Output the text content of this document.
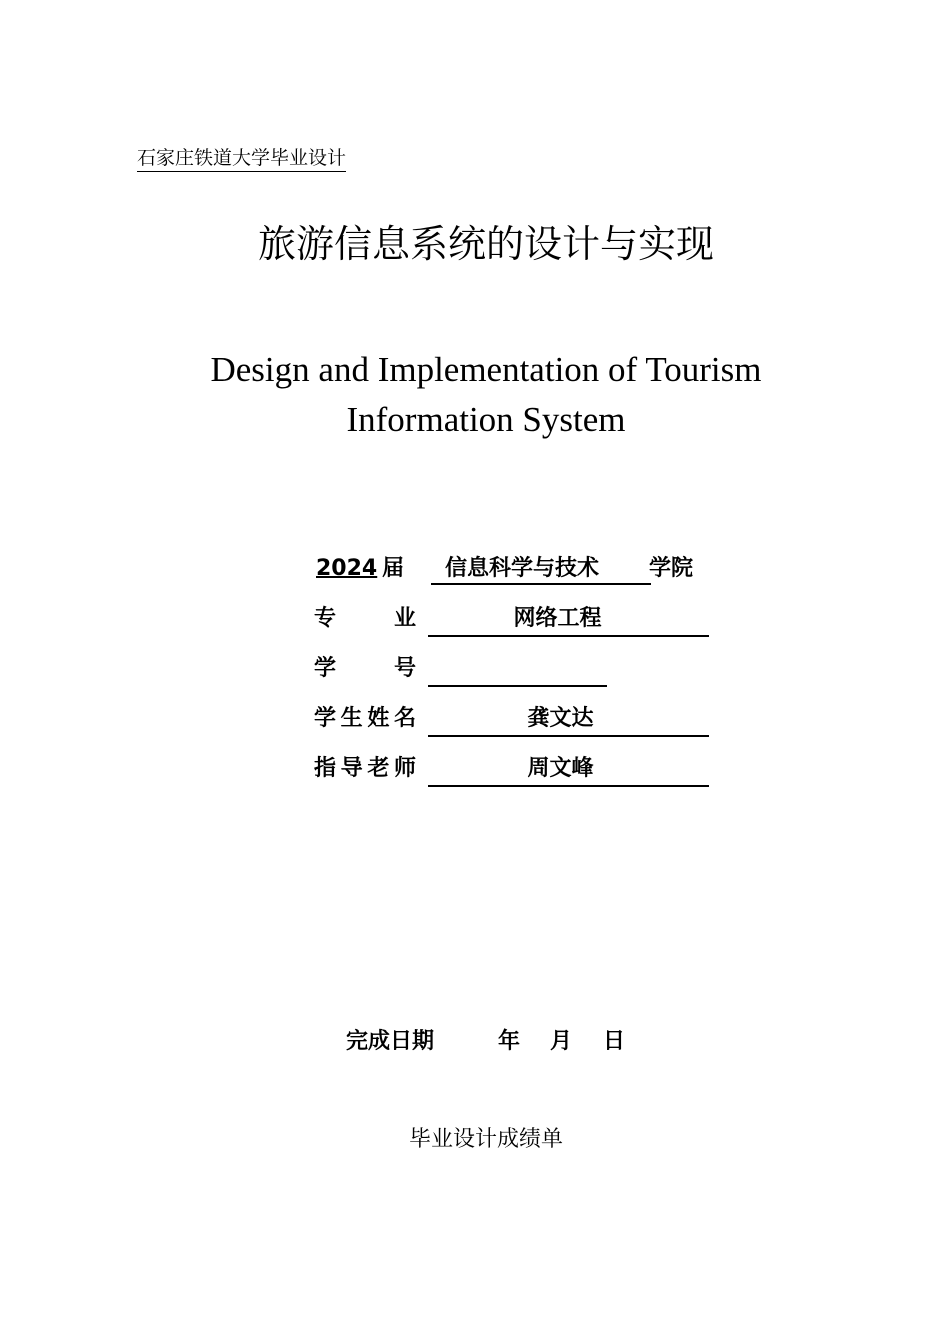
石家庄铁道大学毕业设计
旅游信息系统的设计与实现
Design and Implementation of Tourism
Information System
2024 届	信息科学与技术	学院
专	业	网络工程
学	号
学 生 姓 名	龚文达
指 导 老 师	周文峰
完成日期	年 月 日
毕业设计成绩单
